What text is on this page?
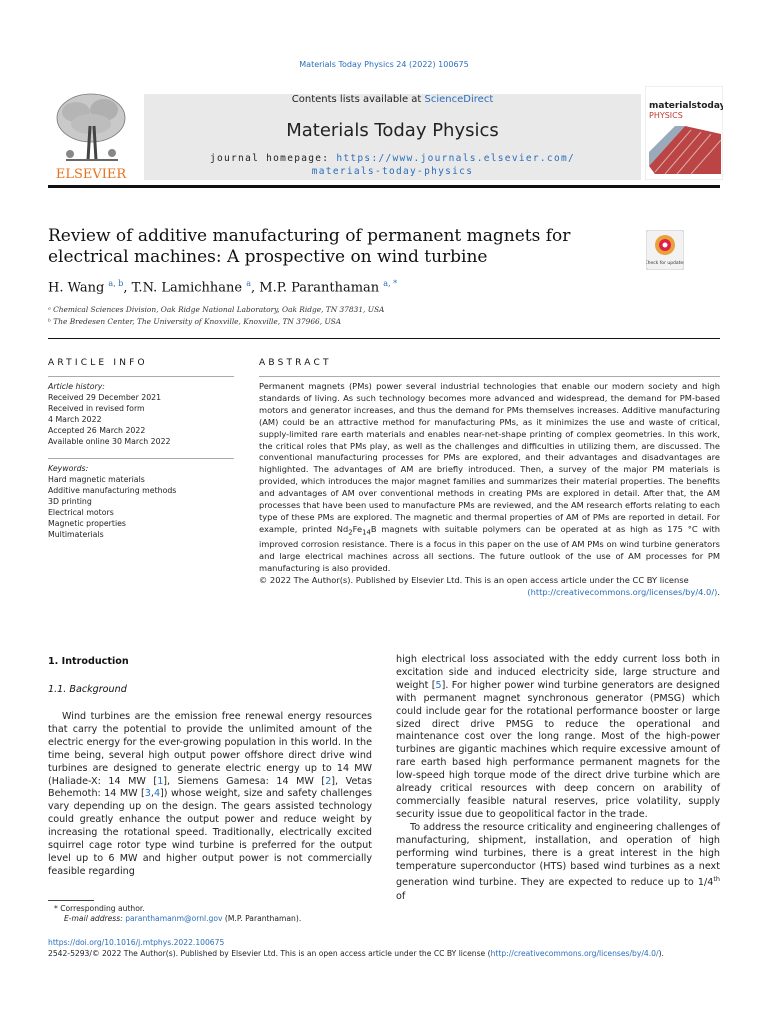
Materials Today Physics 24 (2022) 100675
ELSEVIER
Contents lists available at ScienceDirect
Materials Today Physics
journal homepage: https://www.journals.elsevier.com/
materials-today-physics
materialstoday
PHYSICS
Review of additive manufacturing of permanent magnets for electrical machines: A prospective on wind turbine	Check for updates
H. Wang $^{a, b}$, T.N. Lamichhane $^a$, M.P. Paranthaman $^{a, *}$
ᵃ Chemical Sciences Division, Oak Ridge National Laboratory, Oak Ridge, TN 37831, USA
ᵇ The Bredesen Center, The University of Knoxville, Knoxville, TN 37966, USA
ARTICLE INFO
Article history:
Received 29 December 2021
Received in revised form
4 March 2022
Accepted 26 March 2022
Available online 30 March 2022
Keywords:
Hard magnetic materials
Additive manufacturing methods
3D printing
Electrical motors
Magnetic properties
Multimaterials
ABSTRACT
Permanent magnets (PMs) power several industrial technologies that enable our modern society and high standards of living. As such technology becomes more advanced and widespread, the demand for PM-based motors and generator increases, and thus the demand for PMs themselves increases. Additive manufacturing (AM) could be an attractive method for manufacturing PMs, as it minimizes the use and waste of critical, supply-limited rare earth materials and enables near-net-shape printing of complex geometries. In this work, the critical roles that PMs play, as well as the challenges and difficulties in utilizing them, are discussed. The conventional manufacturing processes for PMs are explored, and their advantages and disadvantages are highlighted. The advantages of AM are briefly introduced. Then, a survey of the major PM materials is provided, which introduces the major magnet families and summarizes their material properties. The benefits and advantages of AM over conventional methods in creating PMs are explored in detail. After that, the AM processes that have been used to manufacture PMs are reviewed, and the AM research efforts relating to each type of these PMs are explored. The magnetic and thermal properties of AM of PMs are reported in detail. For example, printed $Nd_2Fe_{14}B$ magnets with suitable polymers can be operated at as high as 175 °C with improved corrosion resistance. There is a focus in this paper on the use of AM PMs on wind turbine generators and large electrical machines across all sections. The future outlook of the use of AM processes for PM manufacturing is also provided.

© 2022 The Author(s). Published by Elsevier Ltd. This is an open access article under the CC BY license
(http://creativecommons.org/licenses/by/4.0/).
1. Introduction
1.1. Background

Wind turbines are the emission free renewal energy resources that carry the potential to provide the unlimited amount of the electric energy for the ever-growing population in this world. In the time being, several high output power offshore direct drive wind turbines are designed to generate electric energy up to 14 MW (Haliade-X: 14 MW [1], Siemens Gamesa: 14 MW [2], Vetas Behemoth: 14 MW [3,4]) whose weight, size and safety challenges vary depending up on the design. The gears assisted technology could greatly enhance the output power and reduce weight by increasing the rotational speed. Traditionally, electrically excited squirrel cage rotor type wind turbine is preferred for the output level up to 6 MW and higher output power is not commercially feasible regarding

high electrical loss associated with the eddy current loss both in excitation side and induced electricity side, large structure and weight [5]. For higher power wind turbine generators are designed with permanent magnet synchronous generator (PMSG) which could include gear for the rotational performance booster or large sized direct drive PMSG to reduce the operational and maintenance cost over the long range. Most of the high-power turbines are gigantic machines which require excessive amount of rare earth based high performance permanent magnets for the low-speed high torque mode of the direct drive turbine which are already critical resources with deep concern on arability of commercially feasible natural reserves, price volatility, supply security issue due to geopolitical factor in the trade.

To address the resource criticality and engineering challenges of manufacturing, shipment, installation, and operation of high performing wind turbines, there is a great interest in the high temperature superconductor (HTS) based wind turbines as a next generation wind turbine. They are expected to reduce up to 1/4th of

* Corresponding author.
E-mail address: paranthamanm@ornl.gov (M.P. Paranthaman).
https://doi.org/10.1016/j.mtphys.2022.100675
2542-5293/© 2022 The Author(s). Published by Elsevier Ltd. This is an open access article under the CC BY license (http://creativecommons.org/licenses/by/4.0/).
